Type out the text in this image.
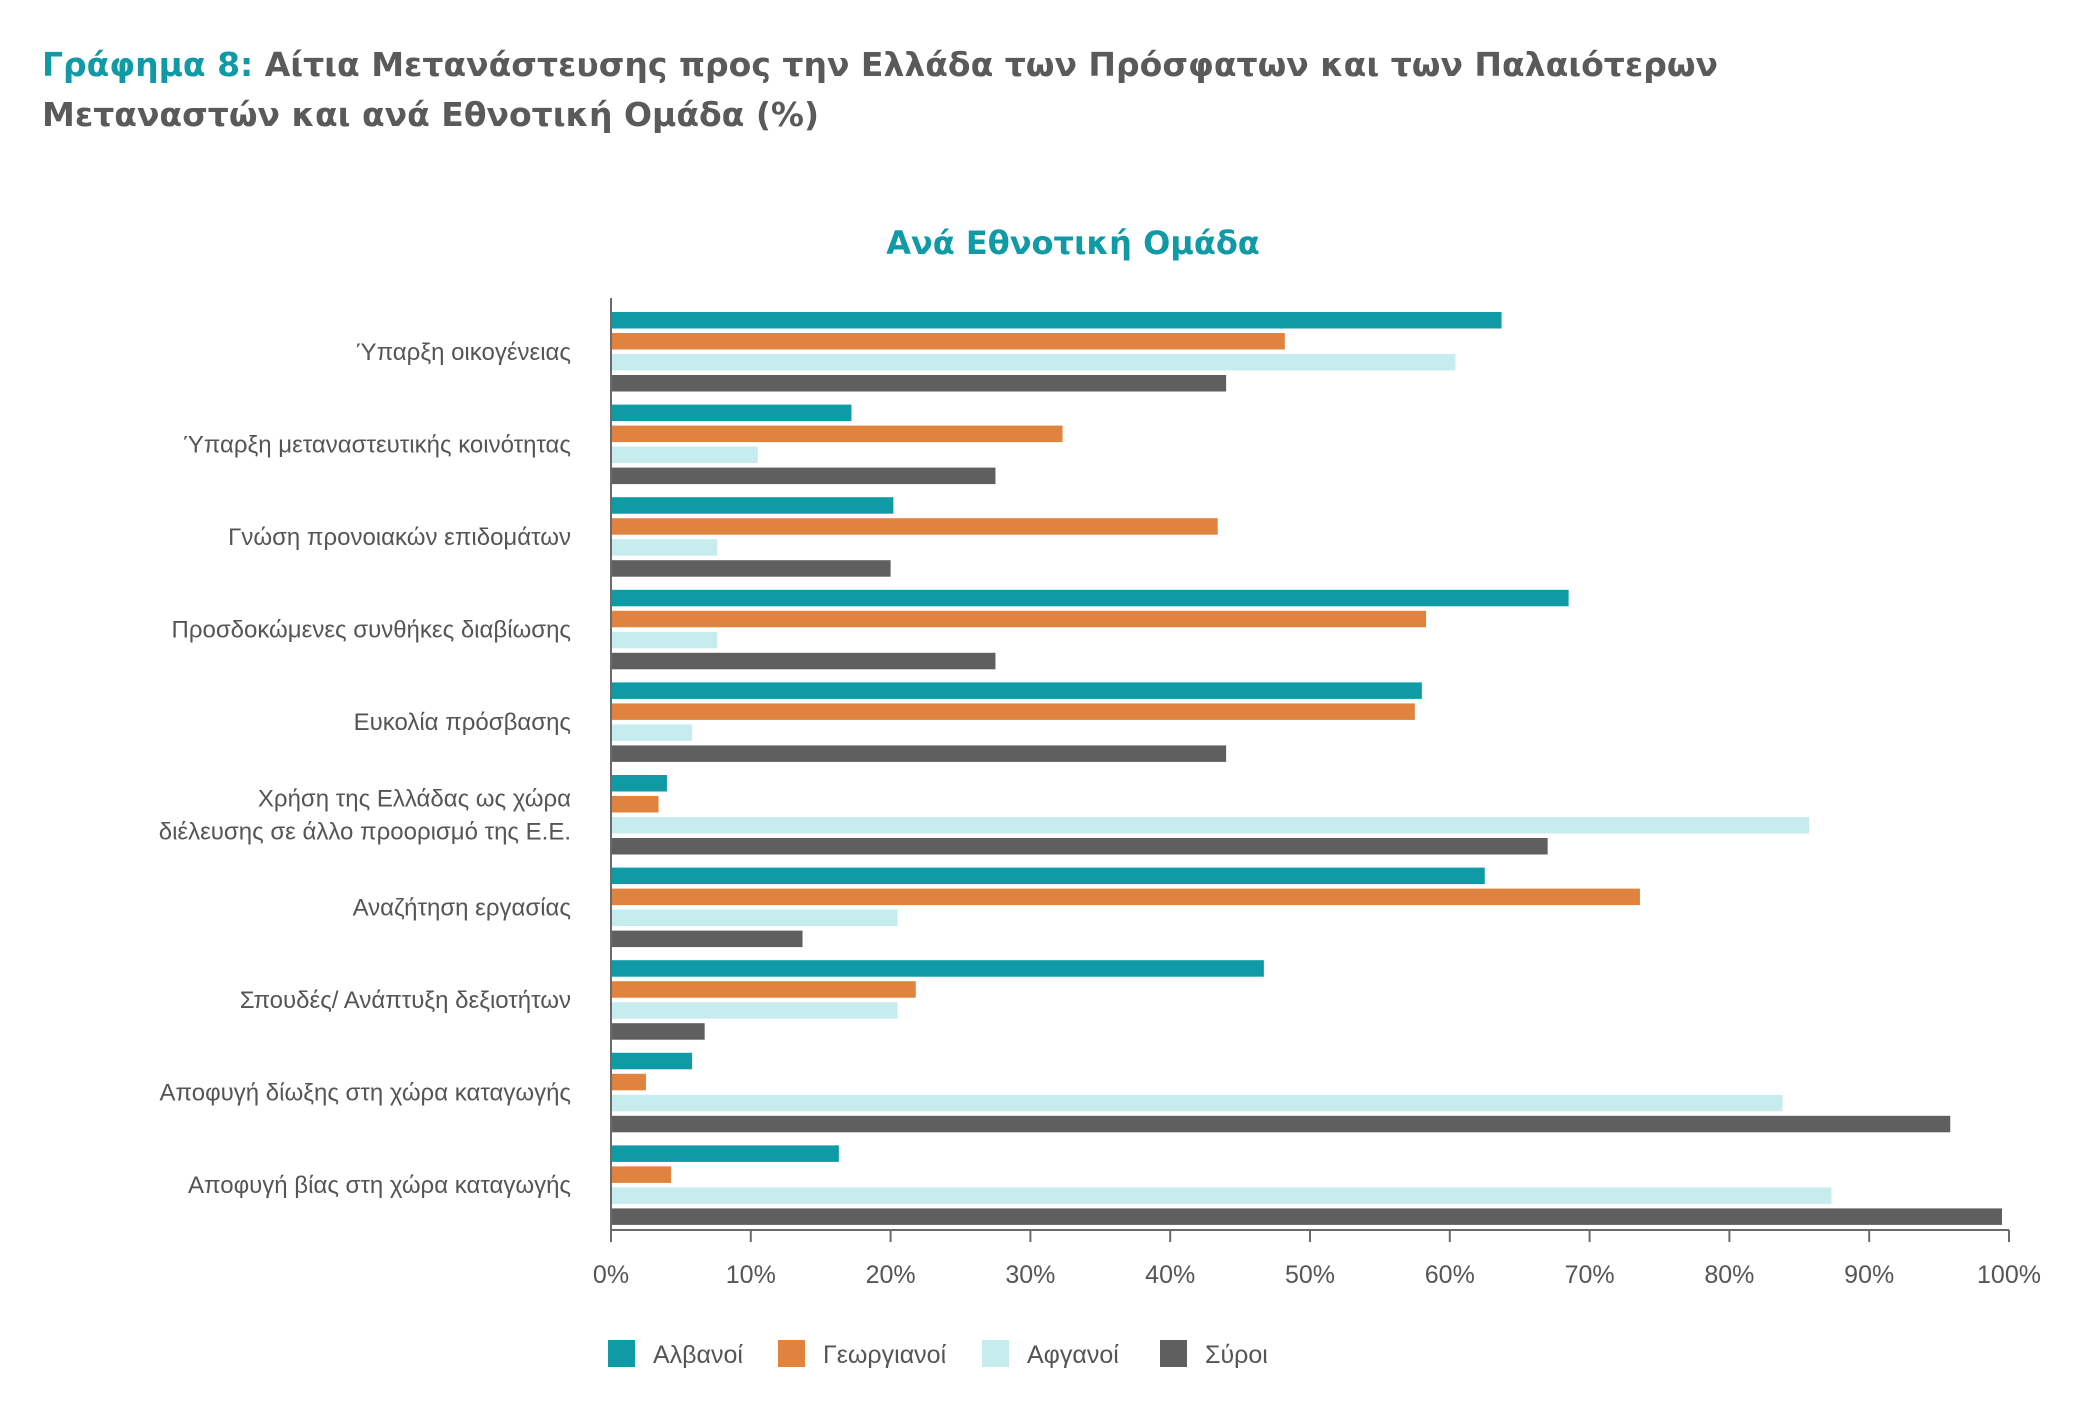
Γράφημα 8: Αίτια Μετανάστευσης προς την Ελλάδα των Πρόσφατων και των Παλαιότερων
Μεταναστών και ανά Εθνοτική Ομάδα (%)
Ανά Εθνοτική Ομάδα
Ύπαρξη οικογένειας
Ύπαρξη μεταναστευτικής κοινότητας
Γνώση προνοιακών επιδομάτων
Προσδοκώμενες συνθήκες διαβίωσης
Ευκολία πρόσβασης
Χρήση της Ελλάδας ως χώρα
διέλευσης σε άλλο προορισμό της Ε.Ε.
Αναζήτηση εργασίας
Σπουδές/ Ανάπτυξη δεξιοτήτων
Αποφυγή δίωξης στη χώρα καταγωγής
Αποφυγή βίας στη χώρα καταγωγής
0%	10%	20%	30%	40%	50%	60%	70%	80%	90%	100%
Αλβανοί	Γεωργιανοί	Αφγανοί	Σύροι
